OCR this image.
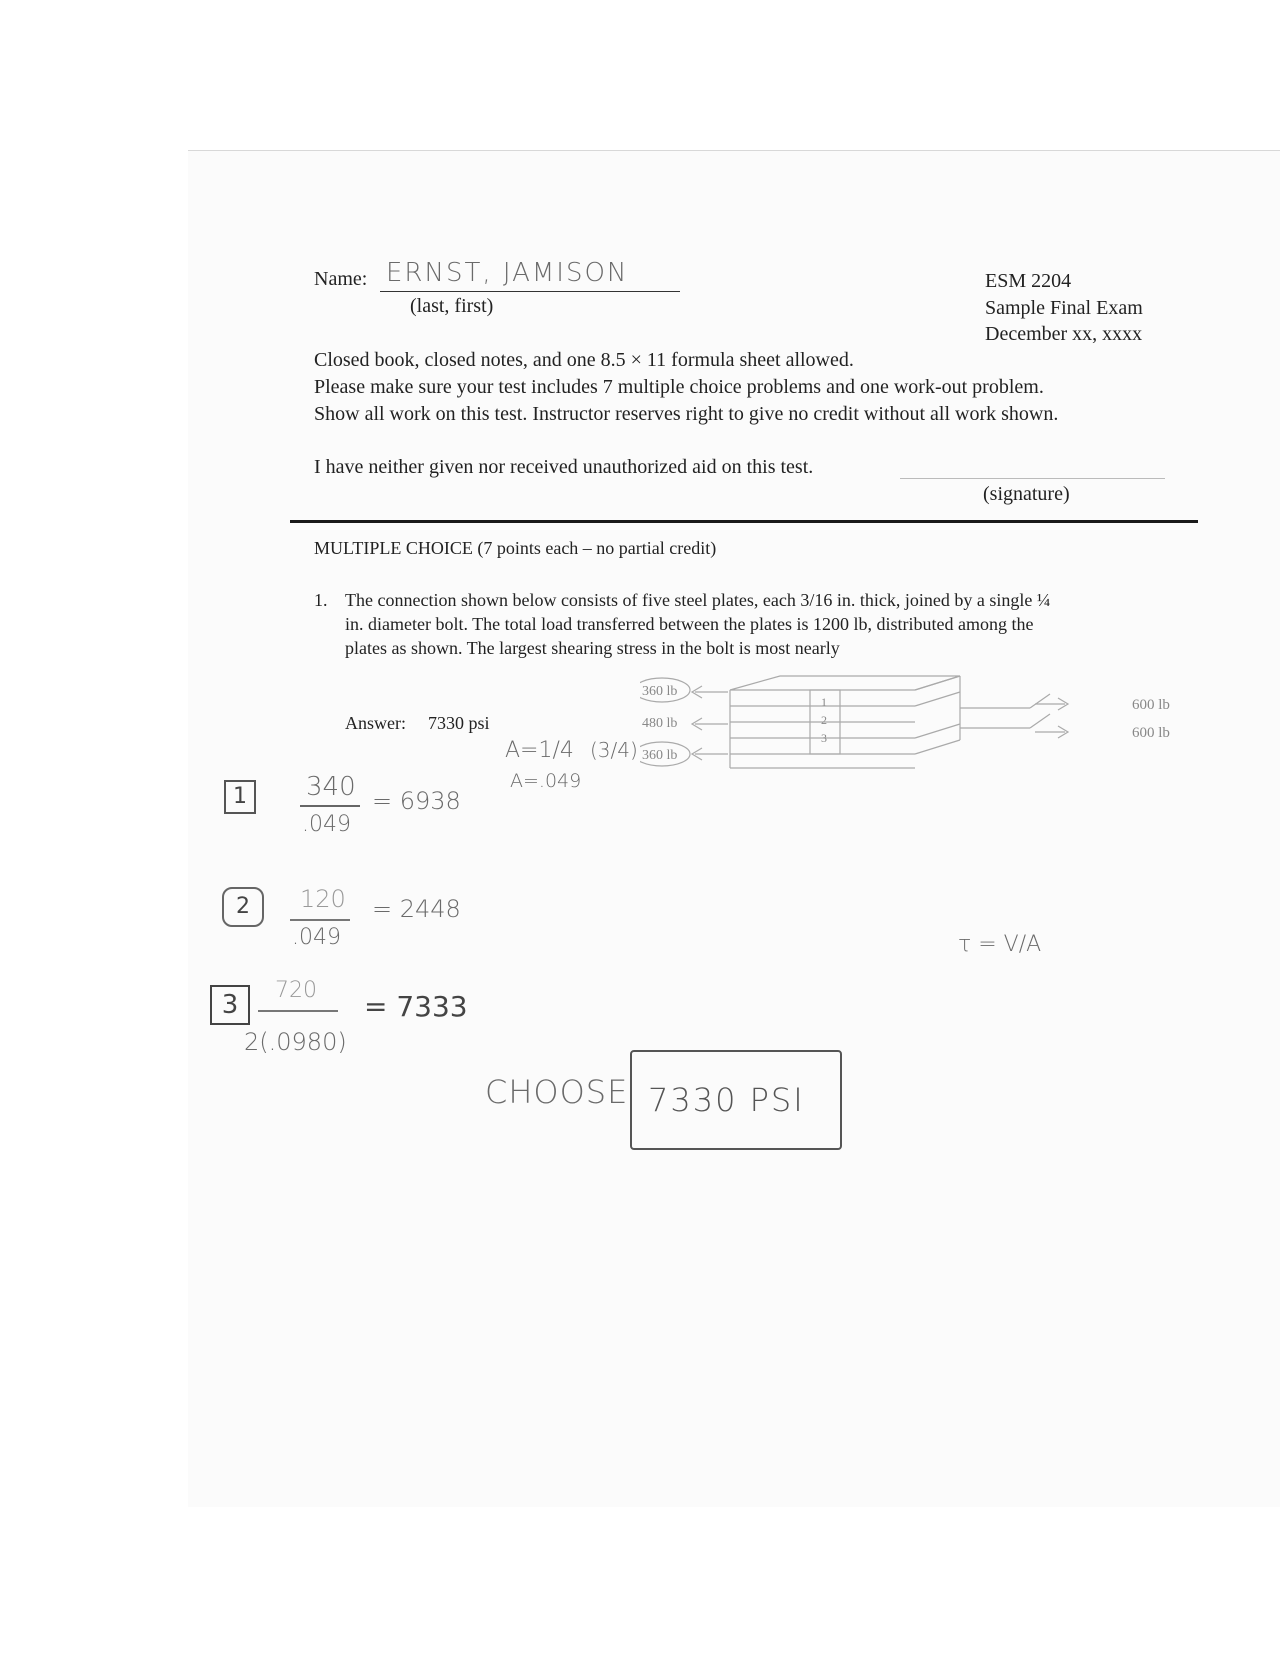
Name: ERNST, JAMISON
(last, first)
ESM 2204
Sample Final Exam
December xx, xxxx
Closed book, closed notes, and one 8.5 × 11 formula sheet allowed.
Please make sure your test includes 7 multiple choice problems and one work-out problem.
Show all work on this test. Instructor reserves right to give no credit without all work shown.
I have neither given nor received unauthorized aid on this test.
(signature)
MULTIPLE CHOICE (7 points each – no partial credit)
1. The connection shown below consists of five steel plates, each 3/16 in. thick, joined by a single ¼
in. diameter bolt. The total load transferred between the plates is 1200 lb, distributed among the
plates as shown. The largest shearing stress in the bolt is most nearly
Answer: 7330 psi
360 lb
480 lb
360 lb
600 lb
600 lb
1
2
3
A=1/4 (3/4)
A=.049
1	340
.049
= 6938
2	120
.049
= 2448
3	720
2(.0980)
= 7333
τ = V/A
CHOOSE 7330 PSI
